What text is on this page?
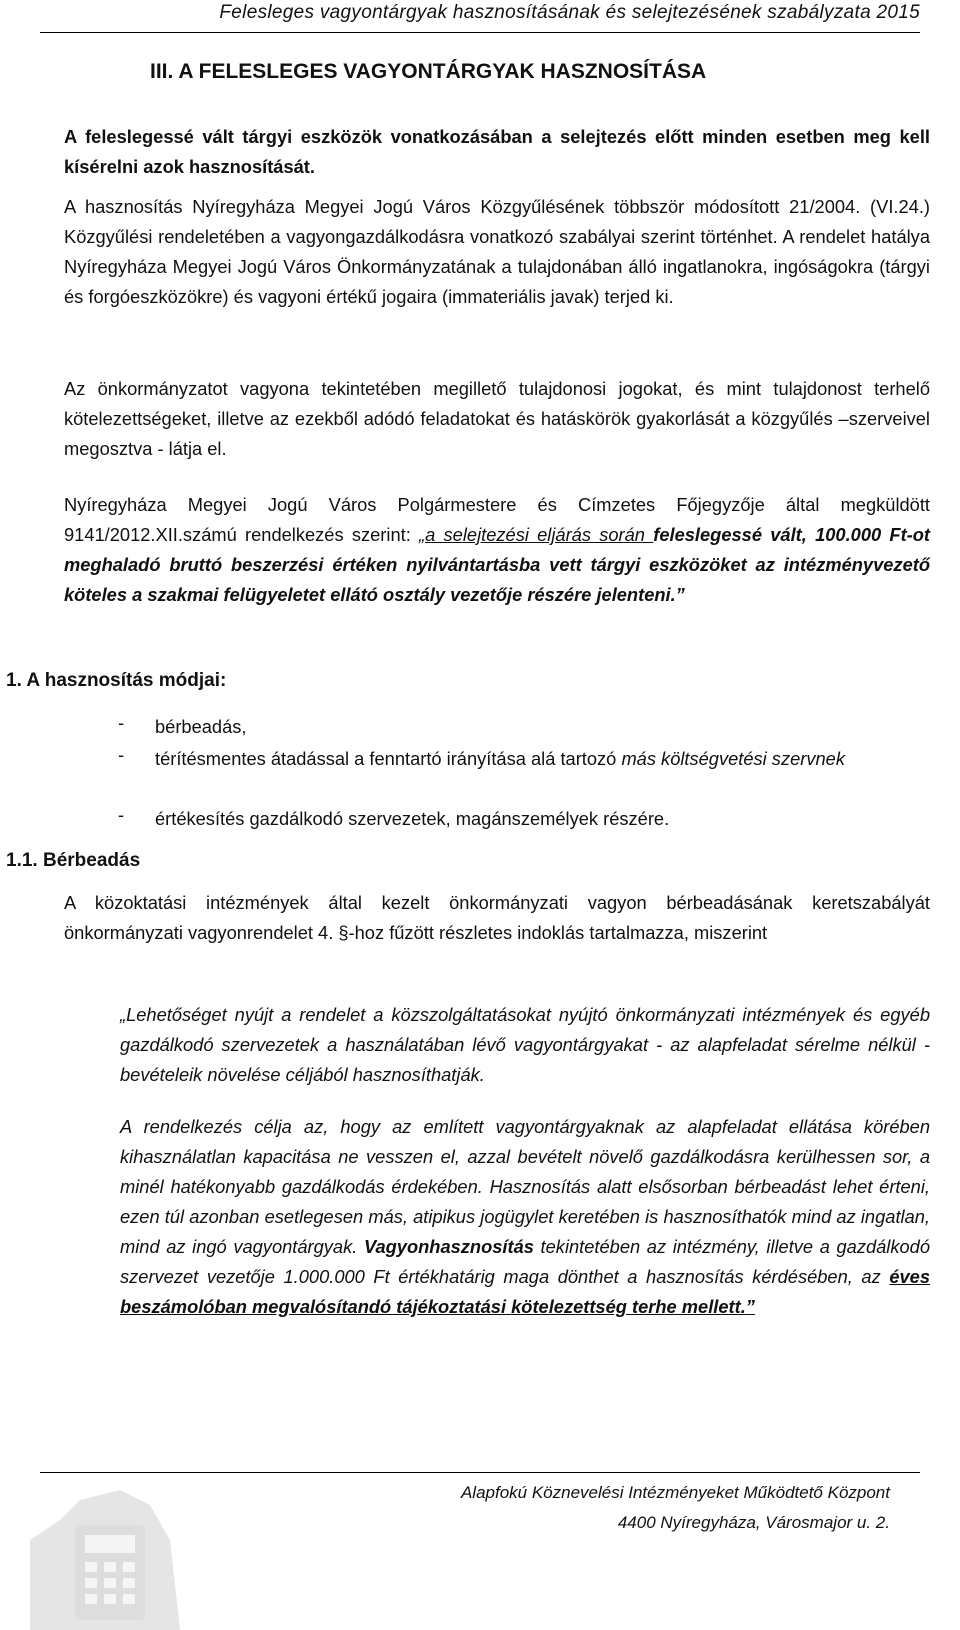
Felesleges vagyontárgyak hasznosításának és selejtezésének szabályzata 2015
III. A FELESLEGES VAGYONTÁRGYAK HASZNOSÍTÁSA
A feleslegessé vált tárgyi eszközök vonatkozásában a selejtezés előtt minden esetben meg kell kísérelni azok hasznosítását.
A hasznosítás Nyíregyháza Megyei Jogú Város Közgyűlésének többször módosított 21/2004. (VI.24.) Közgyűlési rendeletében a vagyongazdálkodásra vonatkozó szabályai szerint történhet. A rendelet hatálya Nyíregyháza Megyei Jogú Város Önkormányzatának a tulajdonában álló ingatlanokra, ingóságokra (tárgyi és forgóeszközökre) és vagyoni értékű jogaira (immateriális javak) terjed ki.
Az önkormányzatot vagyona tekintetében megillető tulajdonosi jogokat, és mint tulajdonost terhelő kötelezettségeket, illetve az ezekből adódó feladatokat és hatáskörök gyakorlását a közgyűlés –szerveivel megosztva - látja el.
Nyíregyháza Megyei Jogú Város Polgármestere és Címzetes Főjegyzője által megküldött 9141/2012.XII.számú rendelkezés szerint: „a selejtezési eljárás során feleslegessé vált, 100.000 Ft-ot meghaladó bruttó beszerzési értéken nyilvántartásba vett tárgyi eszközöket az intézményvezető köteles a szakmai felügyeletet ellátó osztály vezetője részére jelenteni.”
1. A hasznosítás módjai:
- bérbeadás,
- térítésmentes átadással a fenntartó irányítása alá tartozó más költségvetési szervnek
- értékesítés gazdálkodó szervezetek, magánszemélyek részére.
1.1. Bérbeadás
A közoktatási intézmények által kezelt önkormányzati vagyon bérbeadásának keretszabályát önkormányzati vagyonrendelet 4. §-hoz fűzött részletes indoklás tartalmazza, miszerint
„Lehetőséget nyújt a rendelet a közszolgáltatásokat nyújtó önkormányzati intézmények és egyéb gazdálkodó szervezetek a használatában lévő vagyontárgyakat - az alapfeladat sérelme nélkül - bevételeik növelése céljából hasznosíthatják.
A rendelkezés célja az, hogy az említett vagyontárgyaknak az alapfeladat ellátása körében kihasználatlan kapacitása ne vesszen el, azzal bevételt növelő gazdálkodásra kerülhessen sor, a minél hatékonyabb gazdálkodás érdekében. Hasznosítás alatt elsősorban bérbeadást lehet érteni, ezen túl azonban esetlegesen más, atipikus jogügylet keretében is hasznosíthatók mind az ingatlan, mind az ingó vagyontárgyak. Vagyonhasznosítás tekintetében az intézmény, illetve a gazdálkodó szervezet vezetője 1.000.000 Ft értékhatárig maga dönthet a hasznosítás kérdésében, az éves beszámolóban megvalósítandó tájékoztatási kötelezettség terhe mellett.”
Alapfokú Köznevelési Intézményeket Működtető Központ
4400 Nyíregyháza, Városmajor u. 2.
